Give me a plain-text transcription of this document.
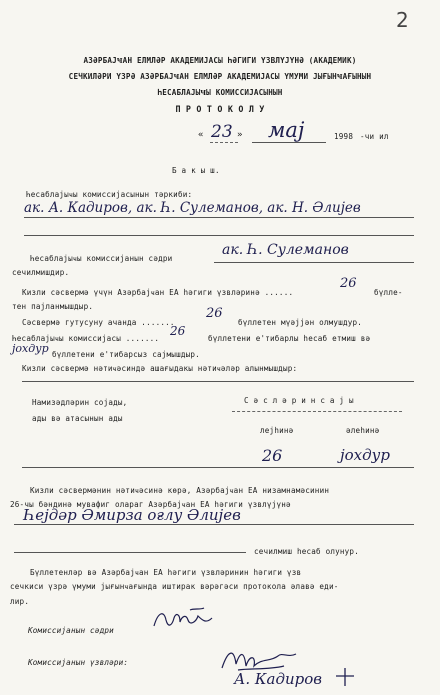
2
АЗӘРБАЈҸАН ЕЛМЛӘР АКАДЕМИЈАСЫ ҺӘГИГИ ҮЗВЛҮЈҮНӘ (АКАДЕМИК)
СЕЧКИЛӘРИ ҮЗРӘ АЗӘРБАЈҸАН ЕЛМЛӘР АКАДЕМИЈАСЫ ҮМУМИ ЈЫҒЫНҸАҒЫНЫН
ҺЕСАБЛАЈЫҸЫ КОМИССИЈАСЫНЫН
П Р О Т О К О Л У
« 23 » мај	1998 -чи ил
Б а к ы ш.
Һесаблајыҹы комиссијасынын тәркиби:
ак. А. Кадиров, ак. Һ. Сулеманов, ак. Н. Әлијев
Һесаблајыҹы комиссијанын сәдри
ак. Һ. Сулеманов
сечилмишдир.
26
Кизли сәсвермә үчүн Азәрбајҹан ЕА һәгиги үзвләринә ......	бүлле-
тен пајланмышдыр.	26
Сәсвермә гутусуну ачанда .......	бүллетен мүәјјән олмушдур.
26
Һесаблајыҹы комиссијасы .......	бүллетени е'тибарлы һесаб етмиш вә
јохдур бүллетени е'тибарсыз сајмышдыр.
Кизли сәсвермә нәтиҹәсиндә ашағыдакы нәтиҹәләр алынмышдыр:
Намизәдләрин сојады,
ады вә атасынын ады
С ә с л ә р и н с а ј ы
лејһинә	әлеһинә
26	јохдур
Кизли сәсвермәнин нәтиҹәсинә көрә, Азәрбајҹан ЕА низамнамәсинин
26-чы бәндинә мувафиг олараг Азәрбајҹан ЕА һәгиги үзвлүјүнә
Һејдәр Әмирза оғлу Әлијев
сечилмиш һесаб олунур.
Бүллетенләр вә Азәрбајҹан ЕА һәгиги үзвләринин һәгиги үзв
сечкиси үзрә үмуми јығынҹағында иштирак вәрәгәси протокола әлавә еди-
лир.
Комиссијанын сәдри
Комиссијанын үзвләри:
А. Кадиров
